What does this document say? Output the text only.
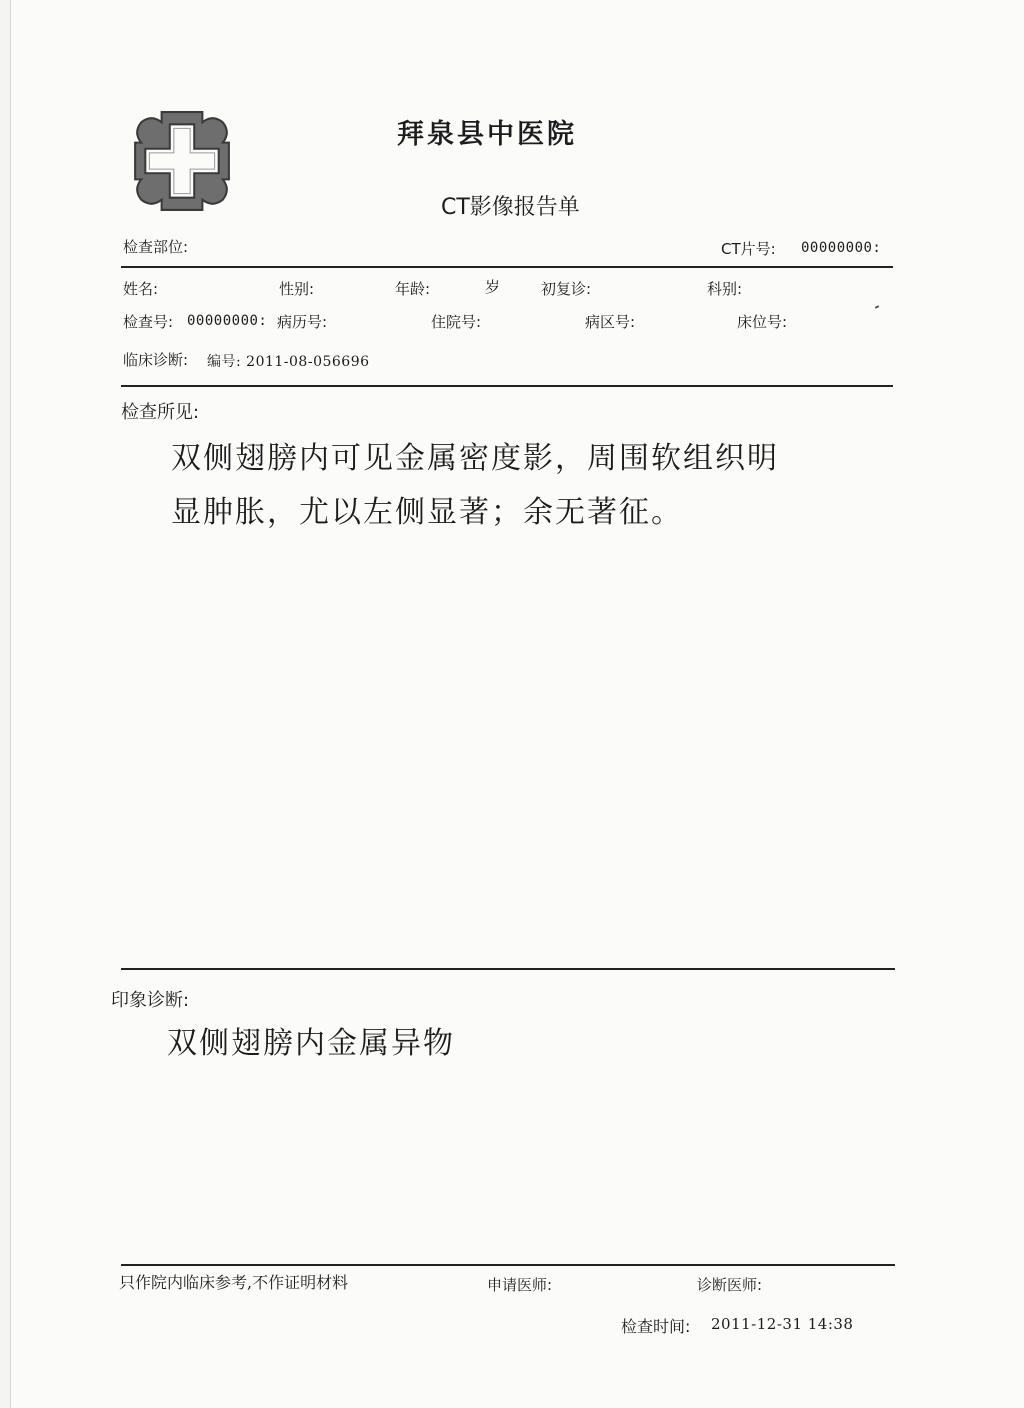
拜泉县中医院
CT影像报告单
检查部位:	CT片号: 00000000:
姓名:	性别:	年龄:	岁	初复诊:	科别:
检查号: 00000000: 病历号:	住院号:	病区号:	床位号:
临床诊断: 编号: 2011-08-056696
检查所见:
双侧翅膀内可见金属密度影，周围软组织明
显肿胀，尤以左侧显著；余无著征。
印象诊断:
双侧翅膀内金属异物
只作院内临床参考,不作证明材料	申请医师:	诊断医师:
检查时间: 2011-12-31 14:38
